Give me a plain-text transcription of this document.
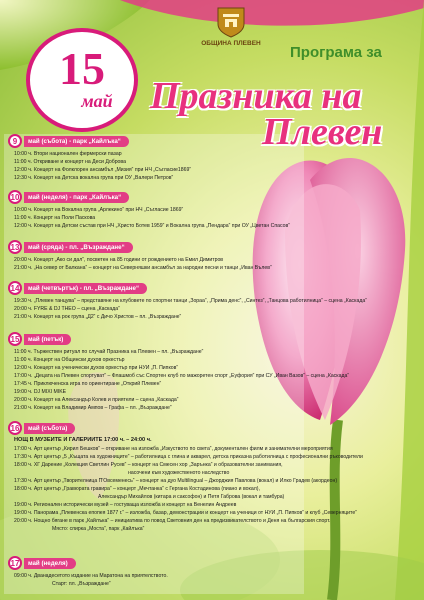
ОБЩИНА ПЛЕВЕН
15
май
Програма за
Празника на
Плевен
9	май (събота) - парк „Кайлъка“
10:00 ч. Втори национален фермерски пазар
11:00 ч. Откриване и концерт на Деси Доброва
12:00 ч. Концерт на Фолклорен ансамбъл „Мизия“ при НЧ „Съгласие1869“
12:30 ч. Концерт на Детска вокална група при ОУ „Валери Петров“
10	май (неделя) - парк „Кайлъка“
10:00 ч. Концерт на Вокална група „Арлекино“ при НЧ „Съгласие 1869“
11:00 ч. Концерт на Поли Паскова
12:00 ч. Концерт на Детски състав при НЧ „Христо Ботев 1959“ и Вокална група „Пендара“ при ОУ „Цветан Спасов“
13	май (сряда) - пл. „Възраждане“
20:00 ч. Концерт „Ако си дал“, посветен на 85 години от рождението на Емил Димитров
21:00 ч. „На север от Балкана“ – концерт на Северняшки ансамбъл за народни песни и танци „Иван Вълев“
14	май (четвъртък) - пл. „Възраждане“
19:30 ч. „Плевен танцува“ – представяне на клубовете по спортни танци „Зораа“, „Прима денс“, „Синтез“, „Танцова работилница“ – сцена „Каскада“
20:00 ч. FYRE & DJ THEO – сцена „Каскада“
21:00 ч. Концерт на рок група „Д2“ с Дичо Христов – пл. „Възраждане“
15	май (петък)
11:00 ч. Тържествен ритуал по случай Празника на Плевен – пл. „Възраждане“
11:00 ч. Концерт на Общински духов оркестър
12:00 ч. Концерт на ученически духов оркестър при НУИ „П. Пипков“
17:00 ч. „Децата на Плевен спортуват“ – Флашмоб със Спортен клуб по мажоретен спорт „Еуфория“ при СУ „Иван Вазов“ – сцена „Каскада“
17:45 ч. Приключенска игра по ориентиране „Открий Плевен“
19:00 ч. DJ MIXI MIKE
20:00 ч. Концерт на Александър Колев и приятели – сцена „Каскада“
21:00 ч. Концерт на Владимир Ампов – Графа – пл. „Възраждане“
16	май (събота)
НОЩ В МУЗЕИТЕ И ГАЛЕРИИТЕ 17:00 ч. – 24:00 ч.
17:00 ч. Арт център „Кирил Бешков“ – откриване на изложба „Изкуството по света“, документален филм и занимателни мероприятия
17:30 ч. Арт център „5 „Къщата на художниците“ – работилница с глина и акварел, детска приказна работилница с професионални ръководители
18:00 ч. ХГ Дарение „Колекция Светлин Русев“ – концерт на Смесен хор „Зарънка“ и образователни занимания,
насочени към художественото наследство
17:30 ч. Арт център „Творителница П'Овсеменесь“ – концерт на дуо Multilingual – Джорджия Павлова (вокал) и Илко Градев (акордеон)
18:00 ч. Арт център „Гравюрата гравира“ – концерт „Мечтанка“ с Гергана Костадинова (пиано и вокал),
Александър Михайлов (китара и саксофон) и Петя Габрова (вокал и тамбура)
19:00 ч. Регионален исторически музей – гостуваща изложба и концерт на Венелин Андреев
19:00 ч. Панорама „Плевенска епопея 1877 г.“ – изложба, базар, демонстрации и концерт на ученици от НУИ „П. Пипков“ и клуб „Северняците“
20:00 ч. Нощно бягане в парк „Кайлъка“ – инициатива по повод Световния ден на предизвикателството и Деня на българския спорт.
Място: спирка „Моста“, парк „Кайлъка“
17	май (неделя)
09:00 ч. Дванадесетото издание на Маратона на приятелството.
Старт: пл. „Възраждане“
